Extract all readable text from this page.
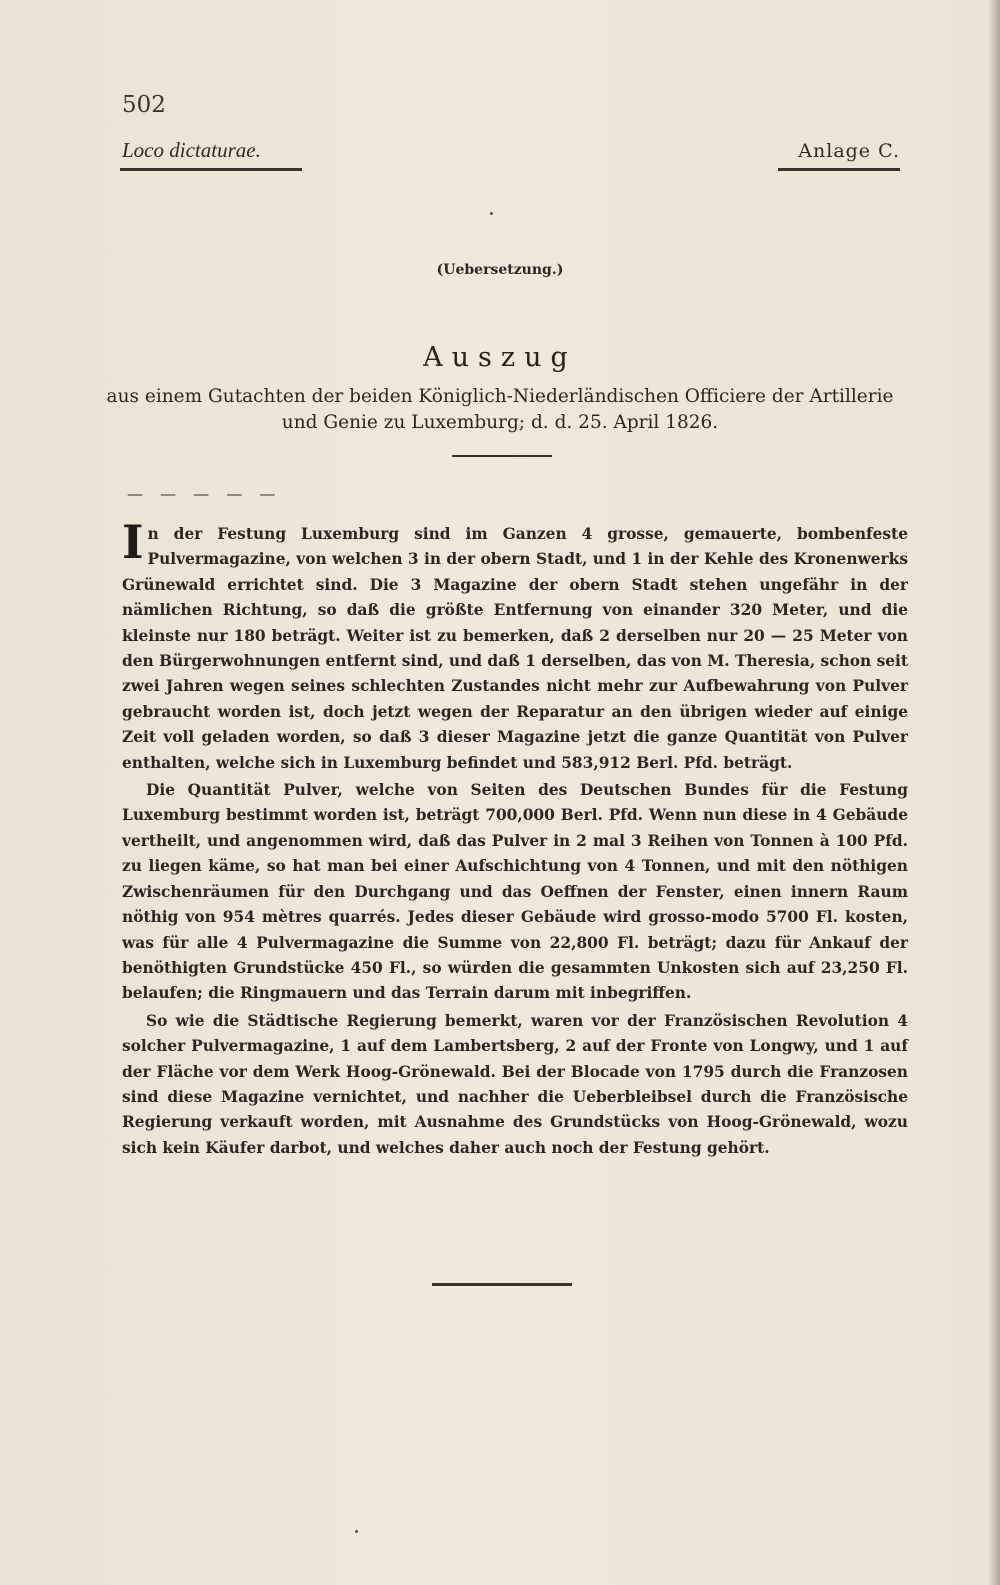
502
Loco dictaturae.	Anlage C.
(Uebersetzung.)
Auszug
aus einem Gutachten der beiden Königlich-Niederländischen Officiere der Artillerie
und Genie zu Luxemburg; d. d. 25. April 1826.
— — — — —

In der Festung Luxemburg sind im Ganzen 4 grosse, gemauerte, bombenfeste Pulvermagazine, von welchen 3 in der obern Stadt, und 1 in der Kehle des Kronenwerks Grünewald errichtet sind. Die 3 Magazine der obern Stadt stehen ungefähr in der nämlichen Richtung, so daß die größte Entfernung von einander 320 Meter, und die kleinste nur 180 beträgt. Weiter ist zu bemerken, daß 2 derselben nur 20 — 25 Meter von den Bürgerwohnungen entfernt sind, und daß 1 derselben, das von M. Theresia, schon seit zwei Jahren wegen seines schlechten Zustandes nicht mehr zur Aufbewahrung von Pulver gebraucht worden ist, doch jetzt wegen der Reparatur an den übrigen wieder auf einige Zeit voll geladen worden, so daß 3 dieser Magazine jetzt die ganze Quantität von Pulver enthalten, welche sich in Luxemburg befindet und 583,912 Berl. Pfd. beträgt.

Die Quantität Pulver, welche von Seiten des Deutschen Bundes für die Festung Luxemburg bestimmt worden ist, beträgt 700,000 Berl. Pfd. Wenn nun diese in 4 Gebäude vertheilt, und angenommen wird, daß das Pulver in 2 mal 3 Reihen von Tonnen à 100 Pfd. zu liegen käme, so hat man bei einer Aufschichtung von 4 Tonnen, und mit den nöthigen Zwischenräumen für den Durchgang und das Oeffnen der Fenster, einen innern Raum nöthig von 954 mètres quarrés. Jedes dieser Gebäude wird grosso-modo 5700 Fl. kosten, was für alle 4 Pulvermagazine die Summe von 22,800 Fl. beträgt; dazu für Ankauf der benöthigten Grundstücke 450 Fl., so würden die gesammten Unkosten sich auf 23,250 Fl. belaufen; die Ringmauern und das Terrain darum mit inbegriffen.

So wie die Städtische Regierung bemerkt, waren vor der Französischen Revolution 4 solcher Pulvermagazine, 1 auf dem Lambertsberg, 2 auf der Fronte von Longwy, und 1 auf der Fläche vor dem Werk Hoog-Grönewald. Bei der Blocade von 1795 durch die Franzosen sind diese Magazine vernichtet, und nachher die Ueberbleibsel durch die Französische Regierung verkauft worden, mit Ausnahme des Grundstücks von Hoog-Grönewald, wozu sich kein Käufer darbot, und welches daher auch noch der Festung gehört.
